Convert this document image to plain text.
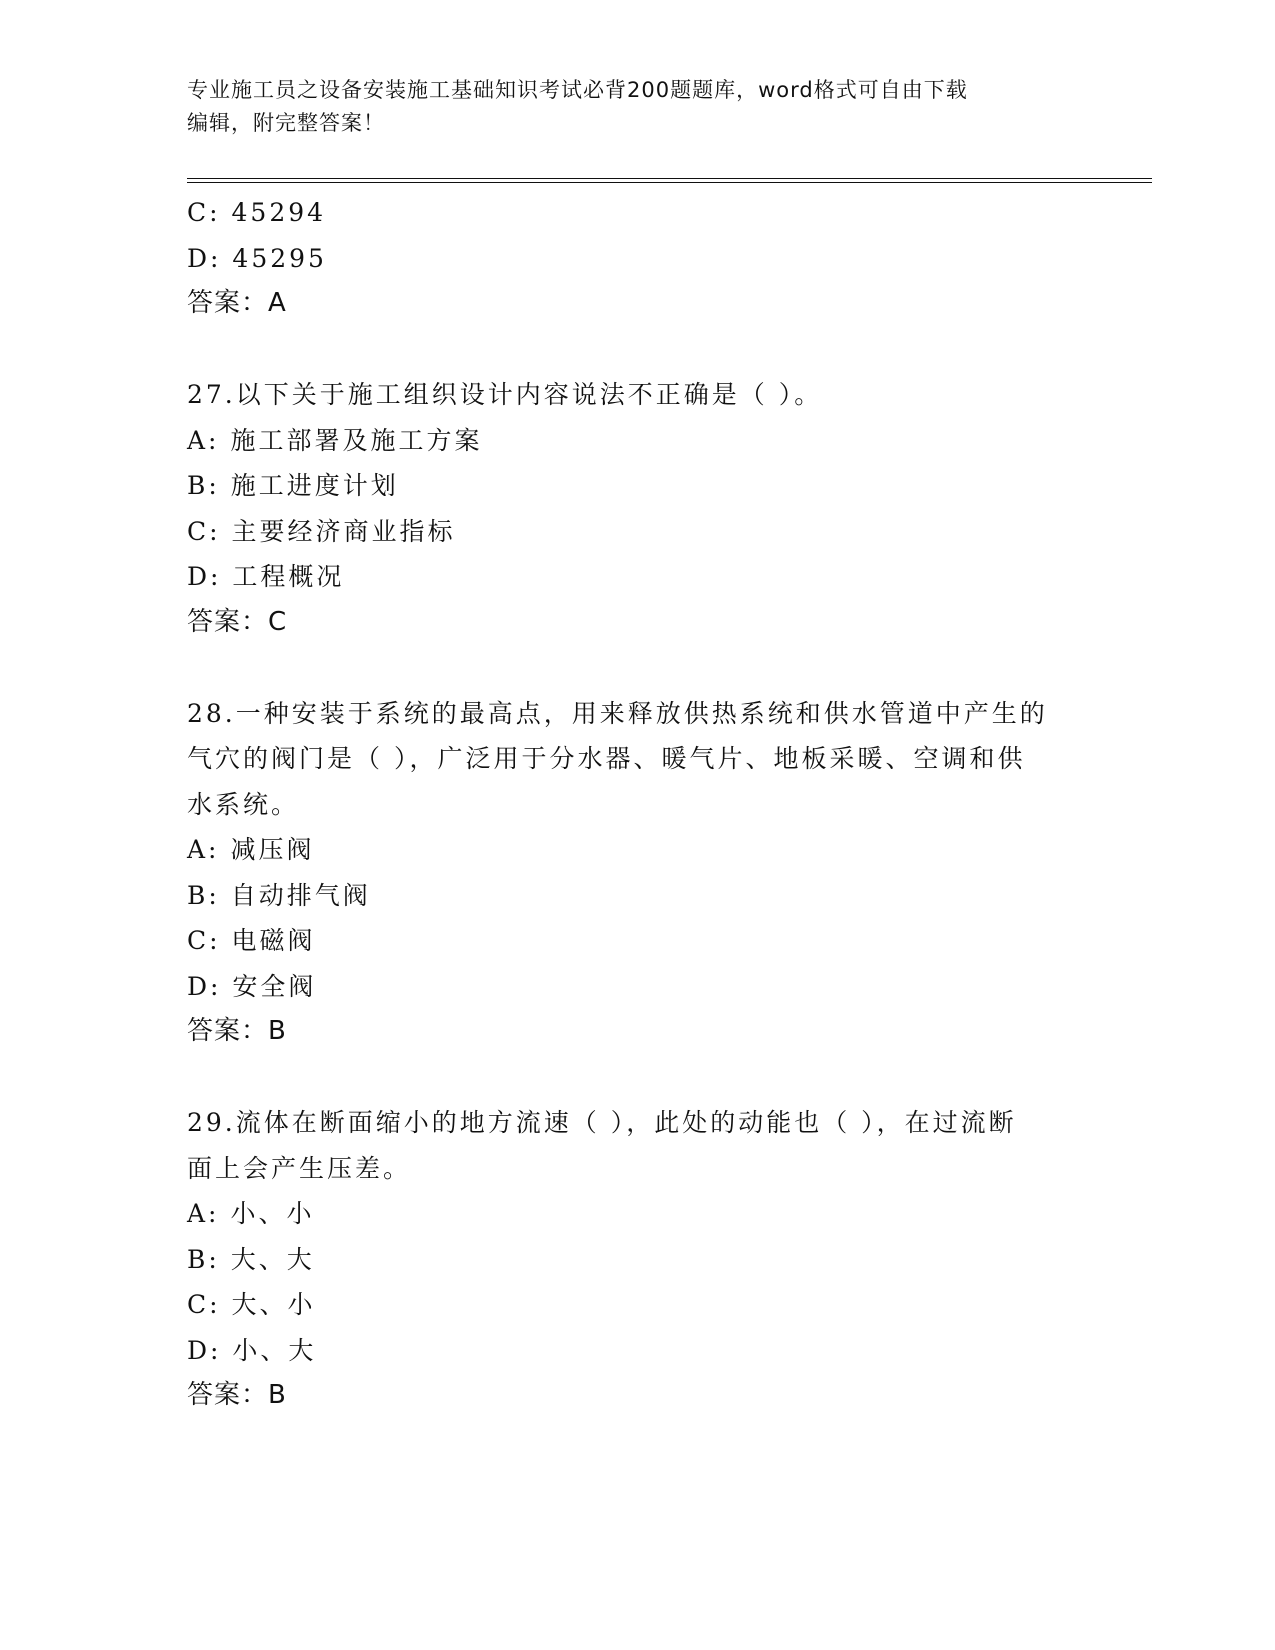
专业施工员之设备安装施工基础知识考试必背200题题库，word格式可自由下载
编辑，附完整答案！

C: 45294

D: 45295

答案：A

27.以下关于施工组织设计内容说法不正确是（ ）。

A: 施工部署及施工方案

B: 施工进度计划

C: 主要经济商业指标

D: 工程概况

答案：C

28.一种安装于系统的最高点，用来释放供热系统和供水管道中产生的

气穴的阀门是（ ），广泛用于分水器、暖气片、地板采暖、空调和供

水系统。

A: 减压阀

B: 自动排气阀

C: 电磁阀

D: 安全阀

答案：B

29.流体在断面缩小的地方流速（ ），此处的动能也（ ），在过流断

面上会产生压差。

A: 小、小

B: 大、大

C: 大、小

D: 小、大

答案：B
